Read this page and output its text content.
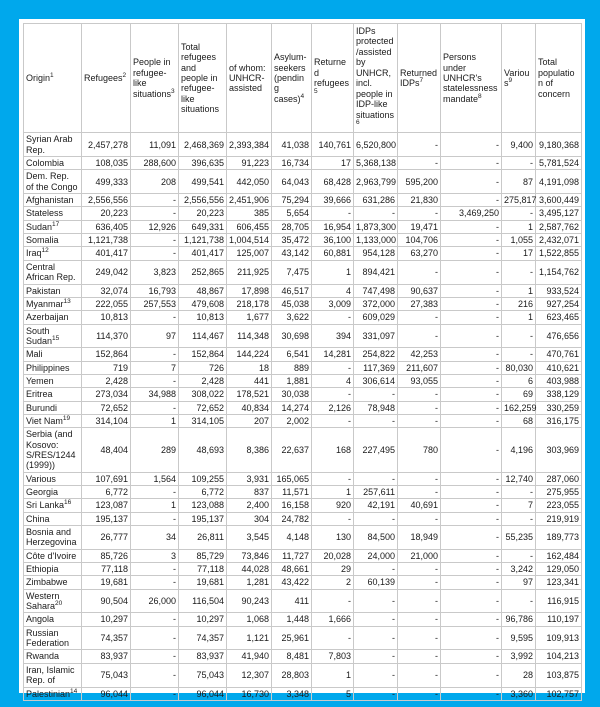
Origin$^1$	Refugees$^2$	People in refugee-like situations$^3$	Total refugees and people in refugee-like situations	of whom: UNHCR-assisted	Asylum-seekers (pending cases)$^4$	Returned refugees$^5$	IDPs protected/assisted by UNHCR, incl. people in IDP-like situations$^6$	Returned IDPs$^7$	Persons under UNHCR's statelessness mandate$^8$	Various$^9$	Total population of concern
Syrian Arab Rep.	2,457,278	11,091	2,468,369	2,393,384	41,038	140,761	6,520,800	-	-	9,400	9,180,368
Colombia	108,035	288,600	396,635	91,223	16,734	17	5,368,138	-	-	-	5,781,524
Dem. Rep. of the Congo	499,333	208	499,541	442,050	64,043	68,428	2,963,799	595,200	-	87	4,191,098
Afghanistan	2,556,556	-	2,556,556	2,451,906	75,294	39,666	631,286	21,830	-	275,817	3,600,449
Stateless	20,223	-	20,223	385	5,654	-	-	-	3,469,250	-	3,495,127
Sudan$^{17}$	636,405	12,926	649,331	606,455	28,705	16,954	1,873,300	19,471	-	1	2,587,762
Somalia	1,121,738	-	1,121,738	1,004,514	35,472	36,100	1,133,000	104,706	-	1,055	2,432,071
Iraq$^{12}$	401,417	-	401,417	125,007	43,142	60,881	954,128	63,270	-	17	1,522,855
Central African Rep.	249,042	3,823	252,865	211,925	7,475	1	894,421	-	-	-	1,154,762
Pakistan	32,074	16,793	48,867	17,898	46,517	4	747,498	90,637	-	1	933,524
Myanmar$^{13}$	222,055	257,553	479,608	218,178	45,038	3,009	372,000	27,383	-	216	927,254
Azerbaijan	10,813	-	10,813	1,677	3,622	-	609,029	-	-	1	623,465
South Sudan$^{15}$	114,370	97	114,467	114,348	30,698	394	331,097	-	-	-	476,656
Mali	152,864	-	152,864	144,224	6,541	14,281	254,822	42,253	-	-	470,761
Philippines	719	7	726	18	889	-	117,369	211,607	-	80,030	410,621
Yemen	2,428	-	2,428	441	1,881	4	306,614	93,055	-	6	403,988
Eritrea	273,034	34,988	308,022	178,521	30,038	-	-	-	-	69	338,129
Burundi	72,652	-	72,652	40,834	14,274	2,126	78,948	-	-	162,259	330,259
Viet Nam$^{19}$	314,104	1	314,105	207	2,002	-	-	-	-	68	316,175
Serbia (and Kosovo: S/RES/1244 (1999))	48,404	289	48,693	8,386	22,637	168	227,495	780	-	4,196	303,969
Various	107,691	1,564	109,255	3,931	165,065	-	-	-	-	12,740	287,060
Georgia	6,772	-	6,772	837	11,571	1	257,611	-	-	-	275,955
Sri Lanka$^{16}$	123,087	1	123,088	2,400	16,158	920	42,191	40,691	-	7	223,055
China	195,137	-	195,137	304	24,782	-	-	-	-	-	219,919
Bosnia and Herzegovina	26,777	34	26,811	3,545	4,148	130	84,500	18,949	-	55,235	189,773
Côte d'Ivoire	85,726	3	85,729	73,846	11,727	20,028	24,000	21,000	-	-	162,484
Ethiopia	77,118	-	77,118	44,028	48,661	29	-	-	-	3,242	129,050
Zimbabwe	19,681	-	19,681	1,281	43,422	2	60,139	-	-	97	123,341
Western Sahara$^{20}$	90,504	26,000	116,504	90,243	411	-	-	-	-	-	116,915
Angola	10,297	-	10,297	1,068	1,448	1,666	-	-	-	96,786	110,197
Russian Federation	74,357	-	74,357	1,121	25,961	-	-	-	-	9,595	109,913
Rwanda	83,937	-	83,937	41,940	8,481	7,803	-	-	-	3,992	104,213
Iran, Islamic Rep. of	75,043	-	75,043	12,307	28,803	1	-	-	-	28	103,875
Palestinian$^{14}$	96,044	-	96,044	16,730	3,348	5	-	-	-	3,360	102,757
